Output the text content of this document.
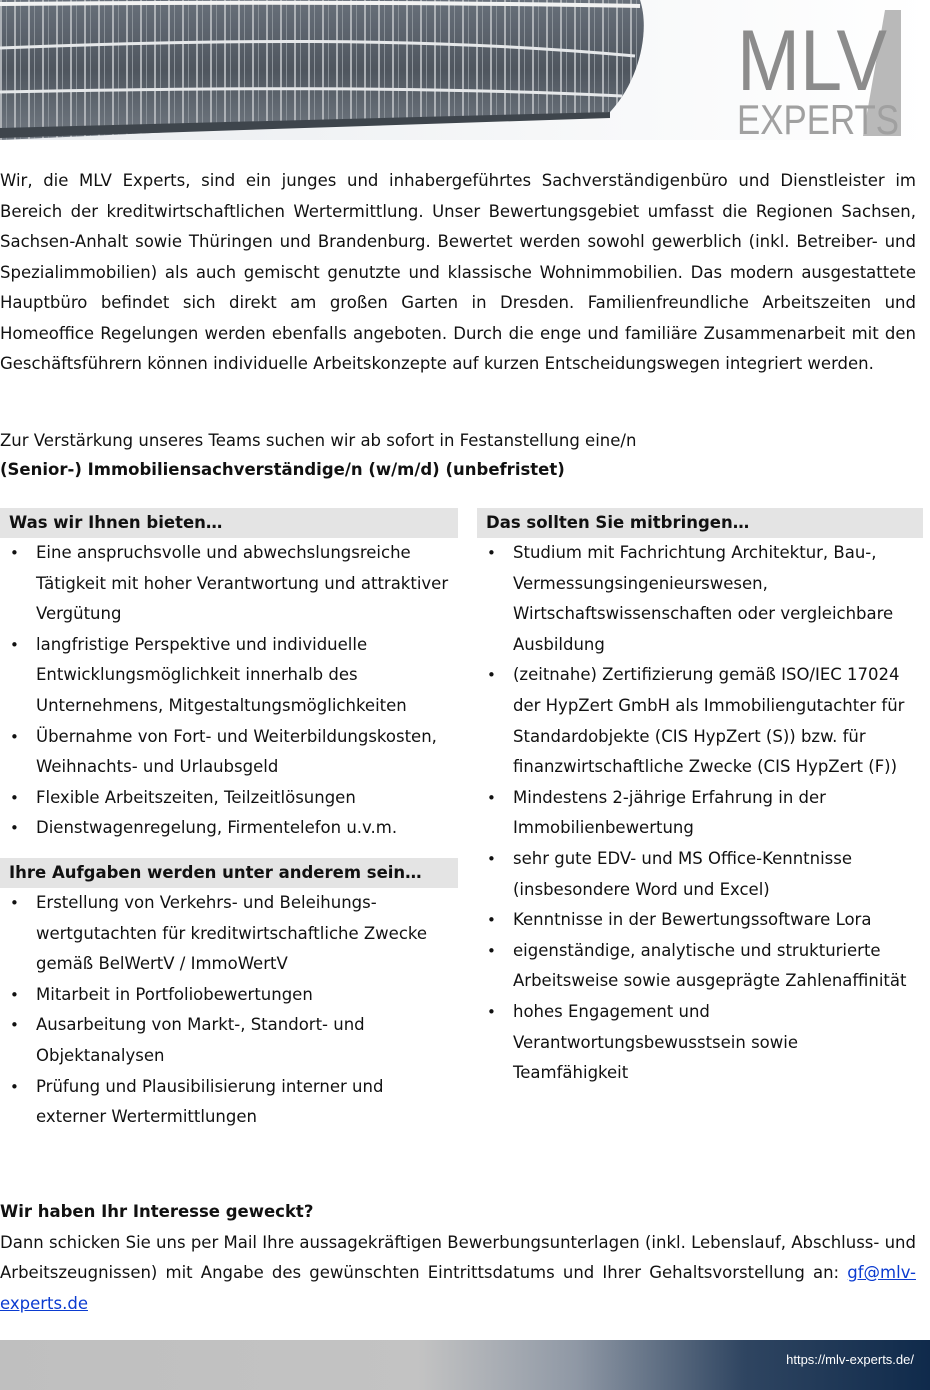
MLV
EXPERTS

Wir, die MLV Experts, sind ein junges und inhabergeführtes Sachverständigenbüro und Dienstleister im Bereich der kreditwirtschaftlichen Wertermittlung. Unser Bewertungsgebiet umfasst die Regionen Sachsen, Sachsen-Anhalt sowie Thüringen und Brandenburg. Bewertet werden sowohl gewerblich (inkl. Betreiber- und Spezialimmobilien) als auch gemischt genutzte und klassische Wohnimmobilien. Das modern ausgestattete Hauptbüro befindet sich direkt am großen Garten in Dresden. Familienfreundliche Arbeitszeiten und Homeoffice Regelungen werden ebenfalls angeboten. Durch die enge und familiäre Zusammenarbeit mit den Geschäftsführern können individuelle Arbeitskonzepte auf kurzen Entscheidungswegen integriert werden.

Zur Verstärkung unseres Teams suchen wir ab sofort in Festanstellung eine/n
(Senior-) Immobiliensachverständige/n (w/m/d) (unbefristet)
Was wir Ihnen bieten…
• Eine anspruchsvolle und abwechslungsreiche Tätigkeit mit hoher Verantwortung und attraktiver Vergütung
• langfristige Perspektive und individuelle Entwicklungsmöglichkeit innerhalb des Unternehmens, Mitgestaltungsmöglichkeiten
• Übernahme von Fort- und Weiterbildungskosten, Weihnachts- und Urlaubsgeld
• Flexible Arbeitszeiten, Teilzeitlösungen
• Dienstwagenregelung, Firmentelefon u.v.m.
Ihre Aufgaben werden unter anderem sein…
• Erstellung von Verkehrs- und Beleihungs-wertgutachten für kreditwirtschaftliche Zwecke gemäß BelWertV / ImmoWertV
• Mitarbeit in Portfoliobewertungen
• Ausarbeitung von Markt-, Standort- und Objektanalysen
• Prüfung und Plausibilisierung interner und externer Wertermittlungen
Das sollten Sie mitbringen…
• Studium mit Fachrichtung Architektur, Bau-, Vermessungsingenieurswesen, Wirtschaftswissenschaften oder vergleichbare Ausbildung
• (zeitnahe) Zertifizierung gemäß ISO/IEC 17024 der HypZert GmbH als Immobiliengutachter für Standardobjekte (CIS HypZert (S)) bzw. für finanzwirtschaftliche Zwecke (CIS HypZert (F))
• Mindestens 2-jährige Erfahrung in der Immobilienbewertung
• sehr gute EDV- und MS Office-Kenntnisse (insbesondere Word und Excel)
• Kenntnisse in der Bewertungssoftware Lora
• eigenständige, analytische und strukturierte Arbeitsweise sowie ausgeprägte Zahlenaffinität
• hohes Engagement und Verantwortungsbewusstsein sowie Teamfähigkeit
Wir haben Ihr Interesse geweckt?
Dann schicken Sie uns per Mail Ihre aussagekräftigen Bewerbungsunterlagen (inkl. Lebenslauf, Abschluss- und Arbeitszeugnissen) mit Angabe des gewünschten Eintrittsdatums und Ihrer Gehaltsvorstellung an: gf@mlv-experts.de
https://mlv-experts.de/
